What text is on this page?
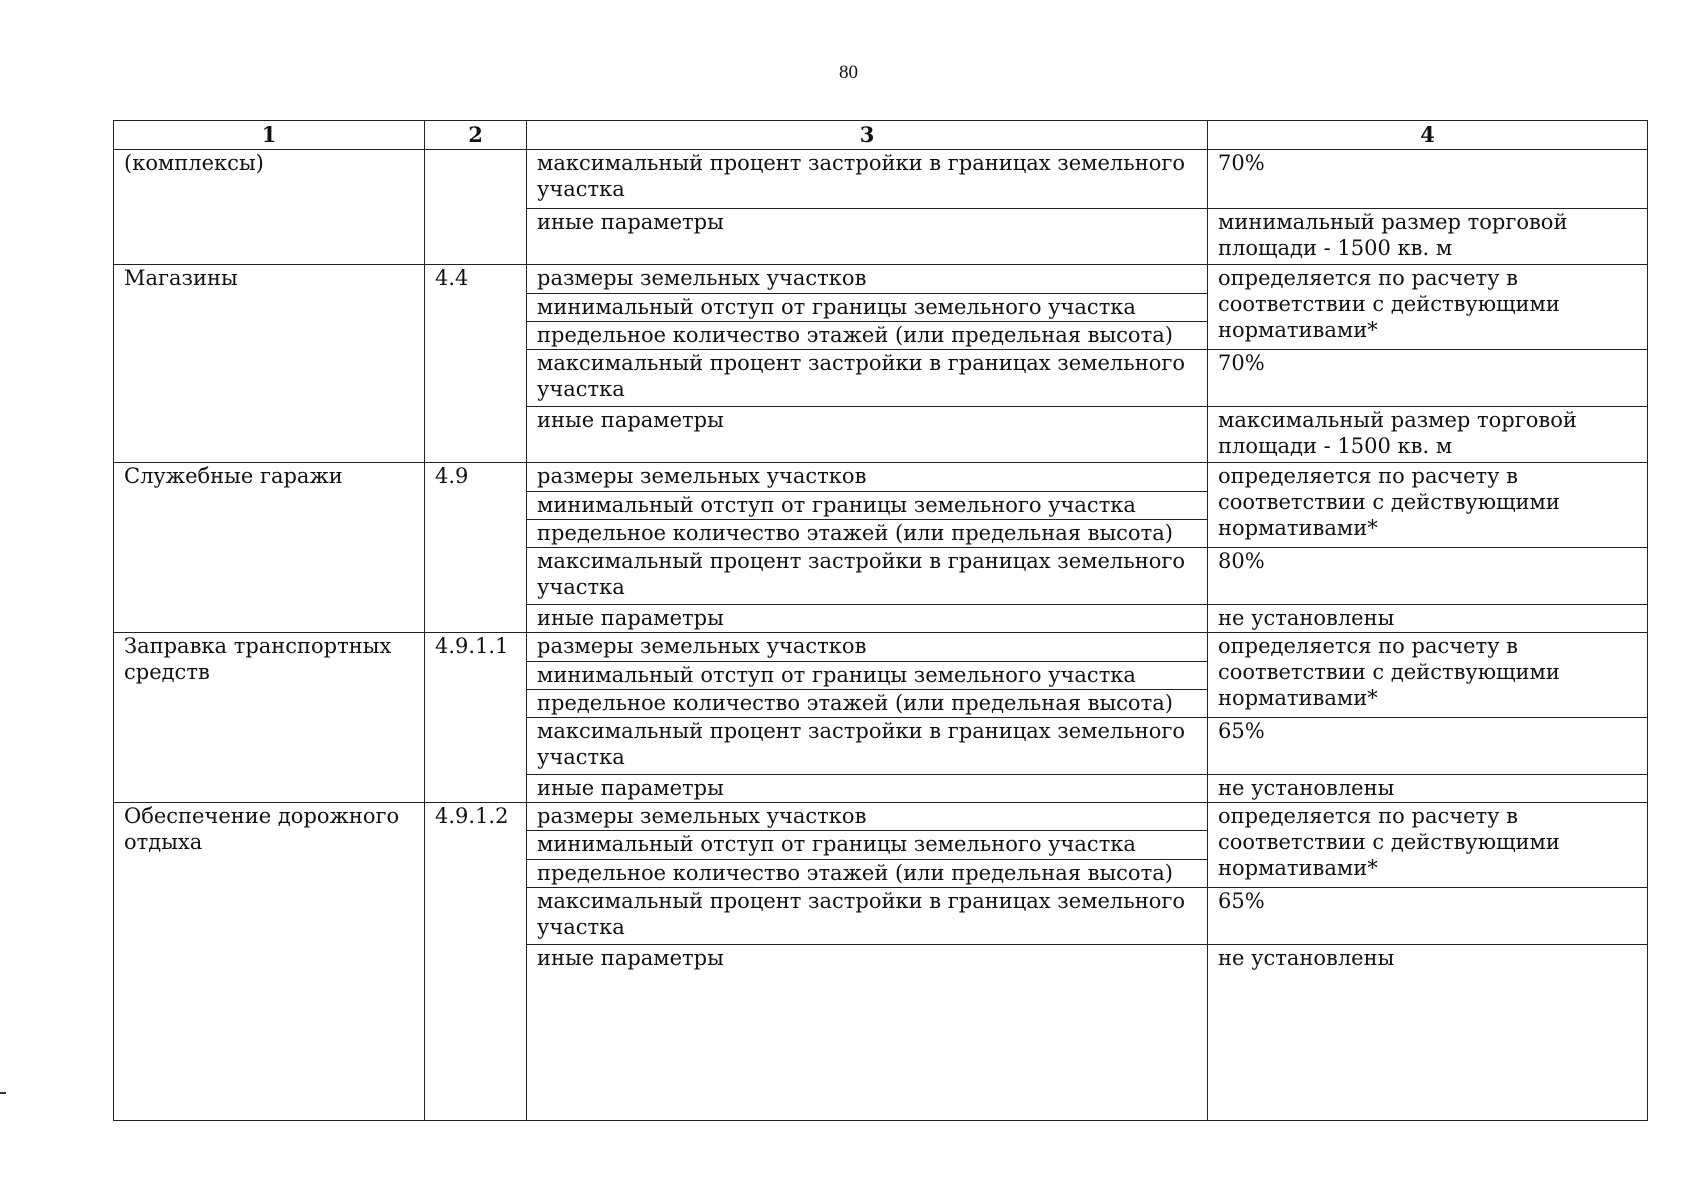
80
1	2	3	4
(комплексы)		максимальный процент застройки в границах земельного участка	70%
		иные параметры	минимальный размер торговой площади - 1500 кв. м
Магазины	4.4	размеры земельных участков	определяется по расчету в соответствии с действующими нормативами*
		минимальный отступ от границы земельного участка	
		предельное количество этажей (или предельная высота)	
		максимальный процент застройки в границах земельного участка	70%
		иные параметры	максимальный размер торговой площади - 1500 кв. м
Служебные гаражи	4.9	размеры земельных участков	определяется по расчету в соответствии с действующими нормативами*
		минимальный отступ от границы земельного участка	
		предельное количество этажей (или предельная высота)	
		максимальный процент застройки в границах земельного участка	80%
		иные параметры	не установлены
Заправка транспортных средств	4.9.1.1	размеры земельных участков	определяется по расчету в соответствии с действующими нормативами*
		минимальный отступ от границы земельного участка	
		предельное количество этажей (или предельная высота)	
		максимальный процент застройки в границах земельного участка	65%
		иные параметры	не установлены
Обеспечение дорожного отдыха	4.9.1.2	размеры земельных участков	определяется по расчету в соответствии с действующими нормативами*
		минимальный отступ от границы земельного участка	
		предельное количество этажей (или предельная высота)	
		максимальный процент застройки в границах земельного участка	65%
		иные параметры	не установлены
